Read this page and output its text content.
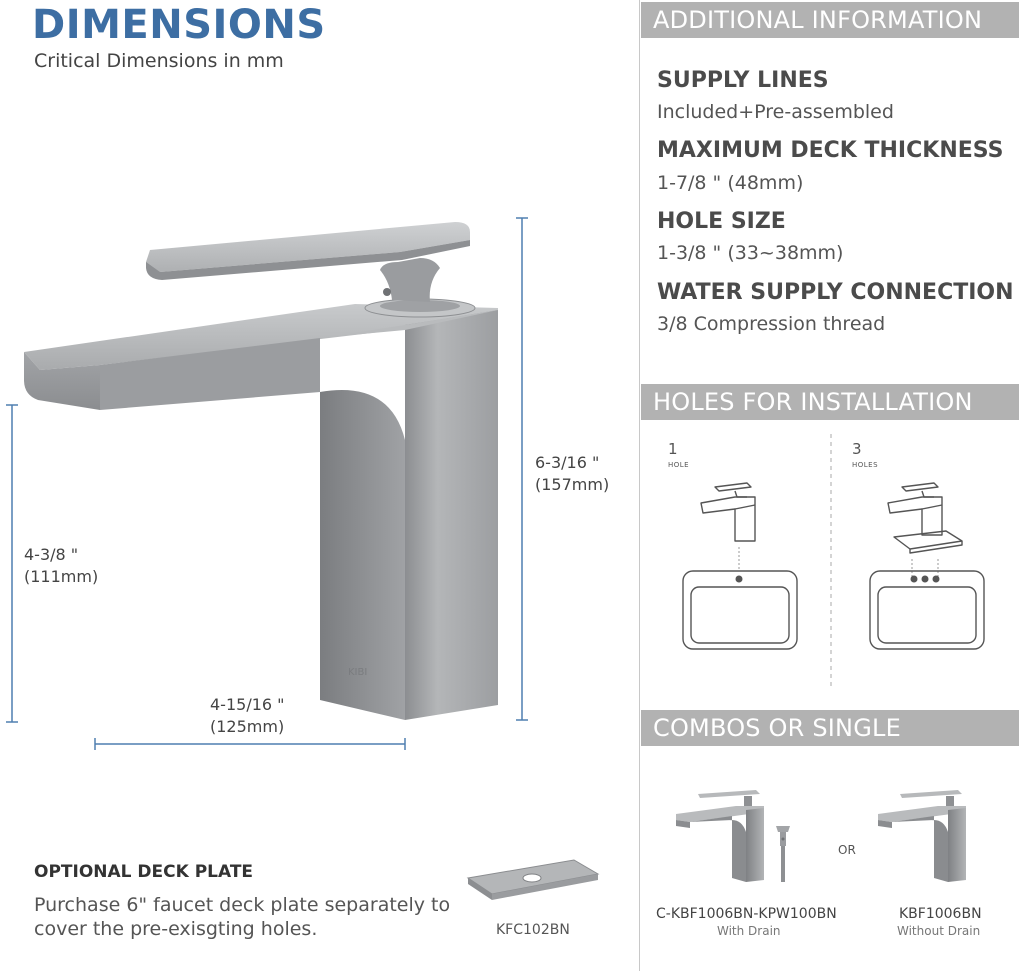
DIMENSIONS
Critical Dimensions in mm
KIBI
6-3/16 "
(157mm)
4-3/8 "
(111mm)
4-15/16 "
(125mm)
OPTIONAL DECK PLATE
Purchase 6" faucet deck plate separately to cover the pre-exisgting holes.	KFC102BN
ADDITIONAL INFORMATION
SUPPLY LINES
Included+Pre-assembled
MAXIMUM DECK THICKNESS
1-7/8 " (48mm)
HOLE SIZE
1-3/8 " (33~38mm)
WATER SUPPLY CONNECTION
3/8 Compression thread
HOLES FOR INSTALLATION
1
HOLE
3
HOLES
COMBOS OR SINGLE
C-KBF1006BN-KPW100BN
With Drain
OR
KBF1006BN
Without Drain
